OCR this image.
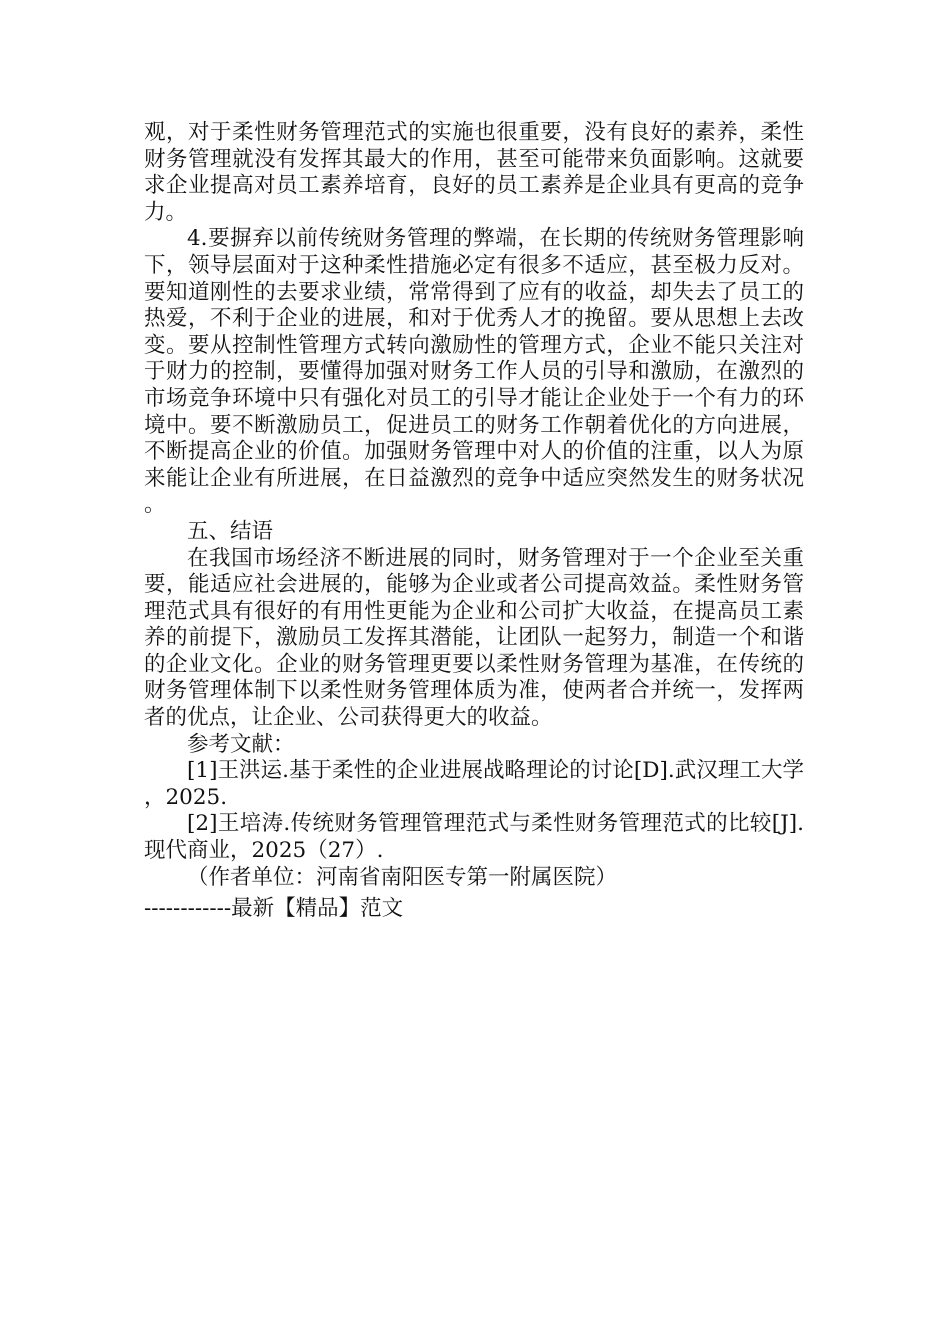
观，对于柔性财务管理范式的实施也很重要，没有良好的素养，柔性财务管理就没有发挥其最大的作用，甚至可能带来负面影响。这就要求企业提高对员工素养培育，良好的员工素养是企业具有更高的竞争力。

4.要摒弃以前传统财务管理的弊端，在长期的传统财务管理影响下，领导层面对于这种柔性措施必定有很多不适应，甚至极力反对。要知道刚性的去要求业绩，常常得到了应有的收益，却失去了员工的热爱，不利于企业的进展，和对于优秀人才的挽留。要从思想上去改变。要从控制性管理方式转向激励性的管理方式，企业不能只关注对于财力的控制，要懂得加强对财务工作人员的引导和激励，在激烈的市场竞争环境中只有强化对员工的引导才能让企业处于一个有力的环境中。要不断激励员工，促进员工的财务工作朝着优化的方向进展，不断提高企业的价值。加强财务管理中对人的价值的注重，以人为原来能让企业有所进展，在日益激烈的竞争中适应突然发生的财务状况。

五、结语

在我国市场经济不断进展的同时，财务管理对于一个企业至关重要，能适应社会进展的，能够为企业或者公司提高效益。柔性财务管理范式具有很好的有用性更能为企业和公司扩大收益，在提高员工素养的前提下，激励员工发挥其潜能，让团队一起努力，制造一个和谐的企业文化。企业的财务管理更要以柔性财务管理为基准，在传统的财务管理体制下以柔性财务管理体质为准，使两者合并统一，发挥两者的优点，让企业、公司获得更大的收益。

参考文献：

[1]王洪运.基于柔性的企业进展战略理论的讨论[D].武汉理工大学，2025.

[2]王培涛.传统财务管理管理范式与柔性财务管理范式的比较[J].现代商业，2025（27）.

（作者单位：河南省南阳医专第一附属医院）

------------最新【精品】范文
